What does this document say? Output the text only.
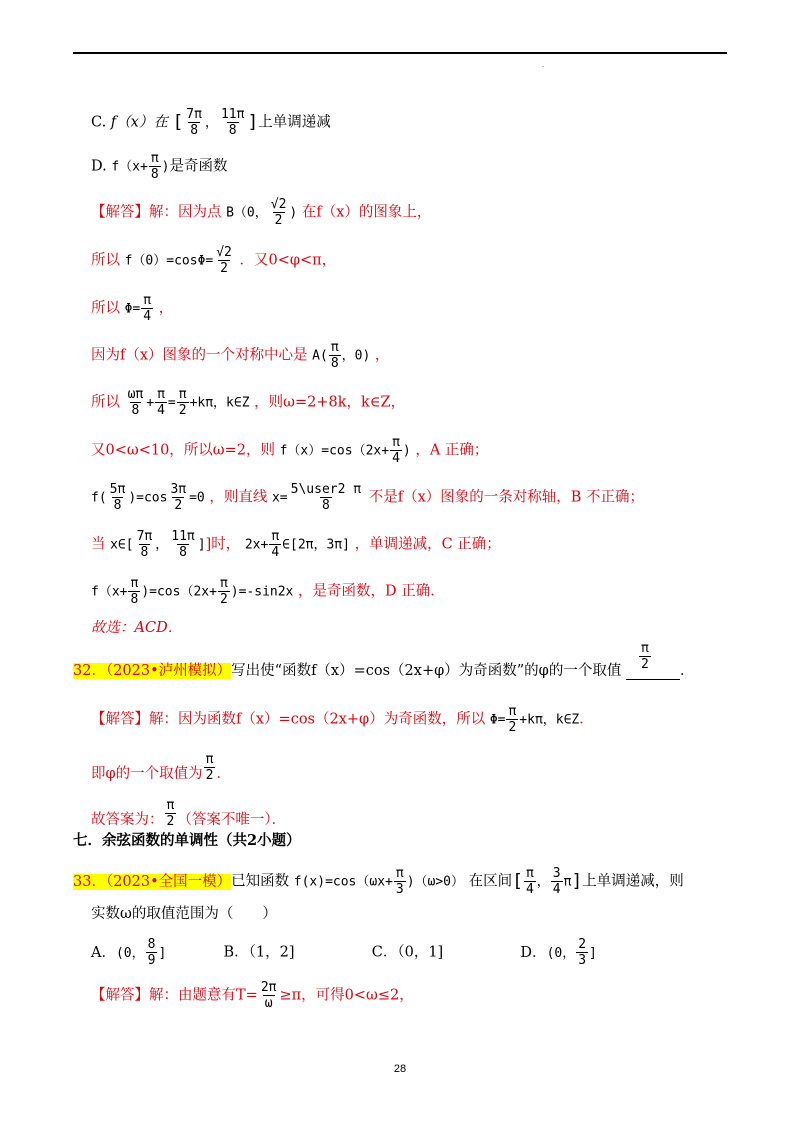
.
C. f（x）在 [ $\frac{7\pi}{8}$ ， $\frac{11\pi}{8}$ ]上单调递减
D. $f(x+ \frac{\pi}{8}$ )是奇函数
【解答】解：因为点 B（0， $\frac{√2}{2}$ ) 在f（x）的图象上，
所以 $f(0)=\cos\Phi= \frac{√2}{2}$ ．又0<φ<π，
所以 $\Phi= \frac{\pi}{4}$ ，
因为f（x）图象的一个对称中心是 $A( \frac{\pi}{8}$ ，0) ，
所以 $\frac{\omega\pi}{8} + \frac{\pi}{4} = \frac{\pi}{2} +k\pi$，k∈Z ，则ω=2+8k，k∈Z，
又0<ω<10，所以ω=2，则 $f(x)=\cos(2x+ \frac{\pi}{4}$ ) ，A 正确；
$f( \frac{5\pi}{8} )=\cos \frac{3\pi}{2} =0$ ，则直线 x=
5\user2 π
8	不是f（x）图象的一条对称轴，B 不正确；
当 x∈[ $\frac{7\pi}{8}$ ， $\frac{11\pi}{8}$ ]]时， $2x+ \frac{\pi}{4}$ ∈[2π，3π] ，单调递减，C 正确；
$f(x+ \frac{\pi}{8} )=\cos(2x+ \frac{\pi}{2} )=-\sin 2x$ ，是奇函数，D 正确．
故选：ACD．
32．（2023•泸州模拟）写出使“函数f（x）=cos（2x+φ）为奇函数”的φ的一个取值
π
2 ．
【解答】解：因为函数f（x）=cos（2x+φ）为奇函数，所以 $\Phi= \frac{\pi}{2} +k\pi$，k∈Z．
即φ的一个取值为 $\frac{\pi}{2}$ ．
故答案为： $\frac{\pi}{2}$ （答案不唯一）．
七．余弦函数的单调性（共2小题）
33．（2023•全国一模）已知函数 $f(x)=\cos(\omega x+ \frac{\pi}{3} )(\omega>0)$ 在区间[ $\frac{\pi}{4}$ ， $\frac{3}{4} \pi$]上单调递减，则
实数ω的取值范围为（　　）
A．(0， $\frac{8}{9}$ ]	B．（1，2]	C．（0，1]	D．(0， $\frac{2}{3}$ ]
【解答】解：由题意有$T= \frac{2\pi}{\omega} \ge\pi$，可得0<ω≤2，
28
